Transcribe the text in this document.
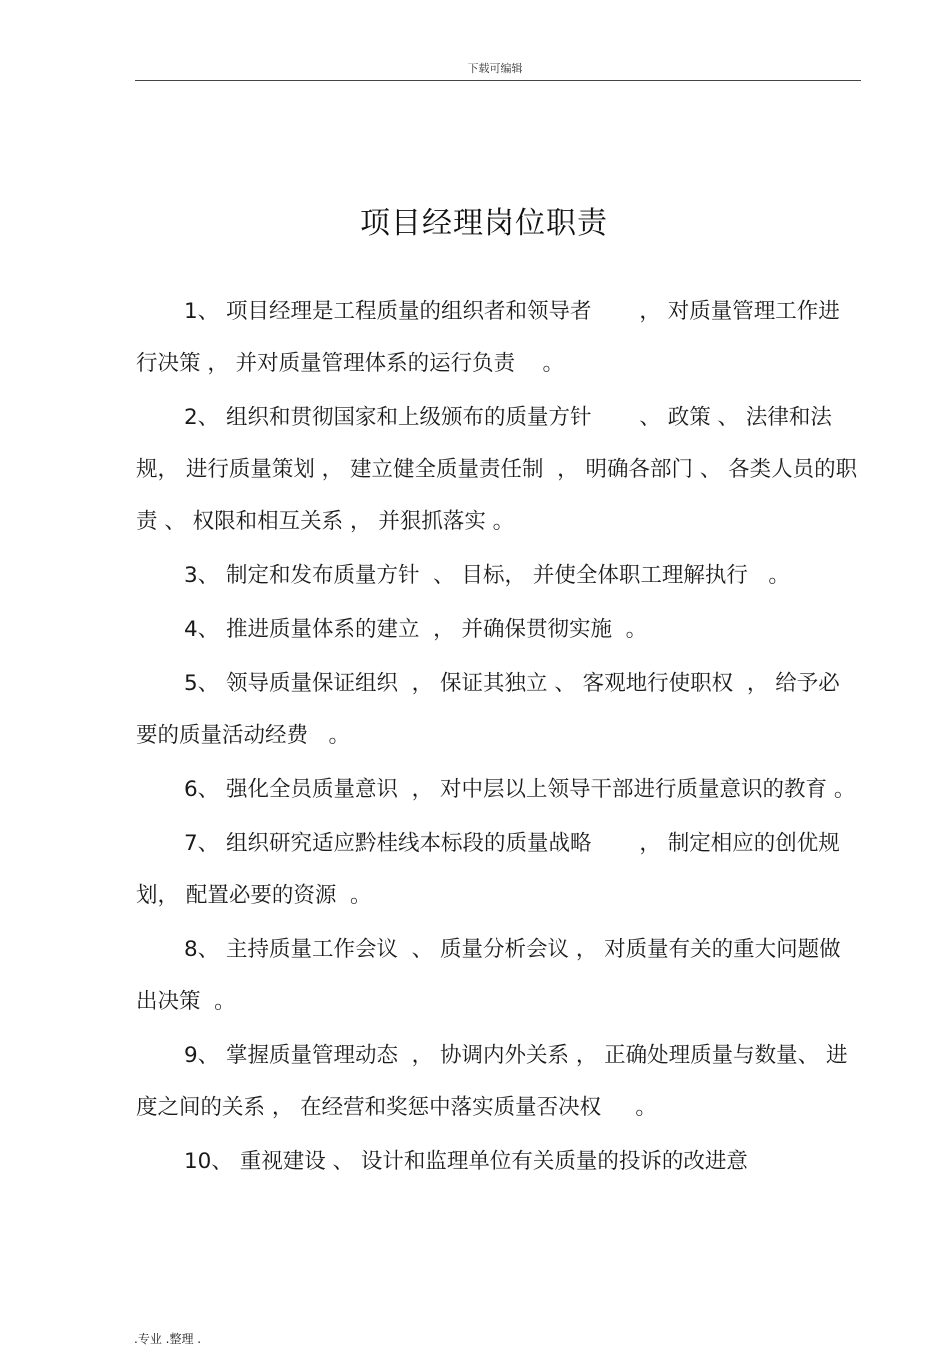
下载可编辑
项目经理岗位职责

1、 项目经理是工程质量的组织者和领导者       ， 对质量管理工作进行决策 ， 并对质量管理体系的运行负责    。

2、 组织和贯彻国家和上级颁布的质量方针       、 政策 、 法律和法规， 进行质量策划 ， 建立健全质量责任制  ， 明确各部门 、 各类人员的职责 、 权限和相互关系 ， 并狠抓落实 。

3、 制定和发布质量方针  、 目标， 并使全体职工理解执行   。

4、 推进质量体系的建立  ， 并确保贯彻实施  。

5、 领导质量保证组织  ， 保证其独立 、 客观地行使职权  ， 给予必要的质量活动经费   。

6、 强化全员质量意识  ， 对中层以上领导干部进行质量意识的教育 。

7、 组织研究适应黔桂线本标段的质量战略       ， 制定相应的创优规划， 配置必要的资源  。

8、 主持质量工作会议  、 质量分析会议 ， 对质量有关的重大问题做出决策  。

9、 掌握质量管理动态  ， 协调内外关系 ， 正确处理质量与数量、 进度之间的关系 ， 在经营和奖惩中落实质量否决权     。

10、 重视建设 、 设计和监理单位有关质量的投诉的改进意

.专业 .整理 .
